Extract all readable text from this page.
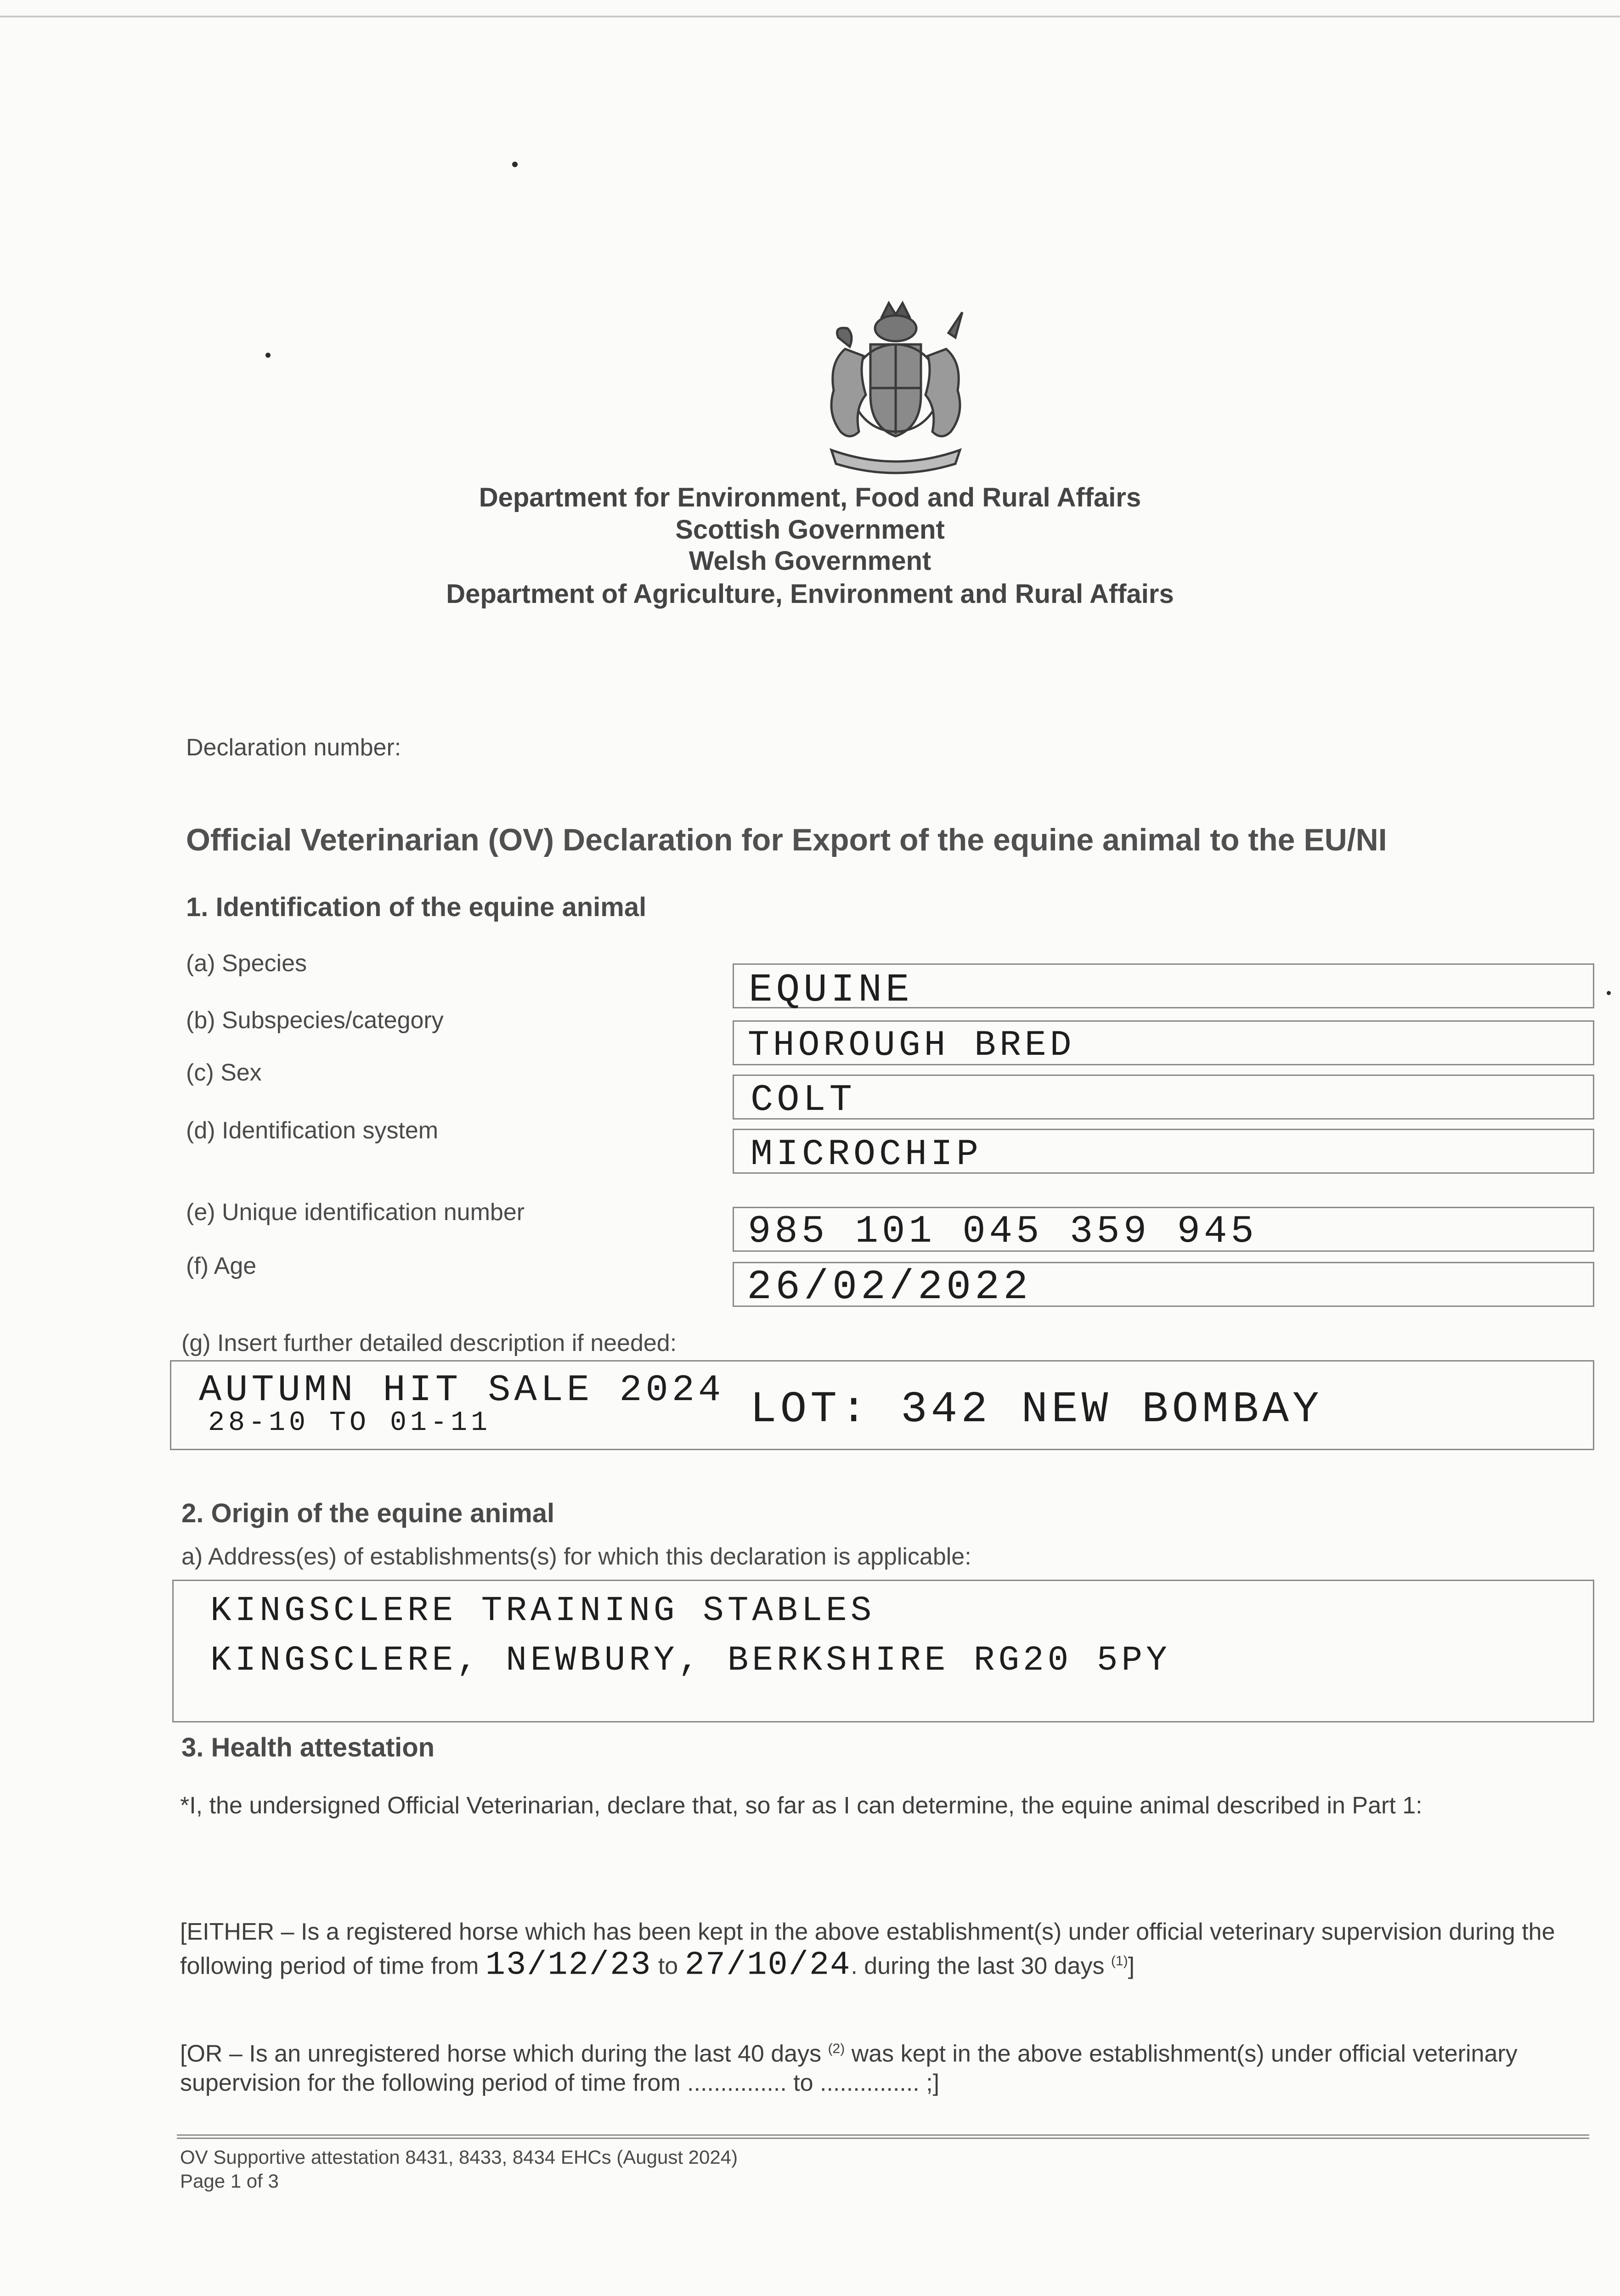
Department for Environment, Food and Rural Affairs
Scottish Government
Welsh Government
Department of Agriculture, Environment and Rural Affairs
Declaration number:
Official Veterinarian (OV) Declaration for Export of the equine animal to the EU/NI
1. Identification of the equine animal
(a) Species
EQUINE
(b) Subspecies/category
THOROUGH BRED
(c) Sex
COLT
(d) Identification system
MICROCHIP
(e) Unique identification number	985 101 045 359 945
(f) Age	26/02/2022
(g) Insert further detailed description if needed:
AUTUMN HIT SALE 2024
28-10 TO 01-11	LOT: 342 NEW BOMBAY
2. Origin of the equine animal
a) Address(es) of establishments(s) for which this declaration is applicable:
KINGSCLERE TRAINING STABLES
KINGSCLERE, NEWBURY, BERKSHIRE RG20 5PY
3. Health attestation
*I, the undersigned Official Veterinarian, declare that, so far as I can determine, the equine animal described in Part 1:
[EITHER – Is a registered horse which has been kept in the above establishment(s) under official veterinary supervision during the following period of time from 13/12/23 to 27/10/24. during the last 30 days $^{(1)}$]
[OR – Is an unregistered horse which during the last 40 days $^{(2)}$ was kept in the above establishment(s) under official veterinary supervision for the following period of time from ............... to ............... ;]
OV Supportive attestation 8431, 8433, 8434 EHCs (August 2024)
Page 1 of 3
